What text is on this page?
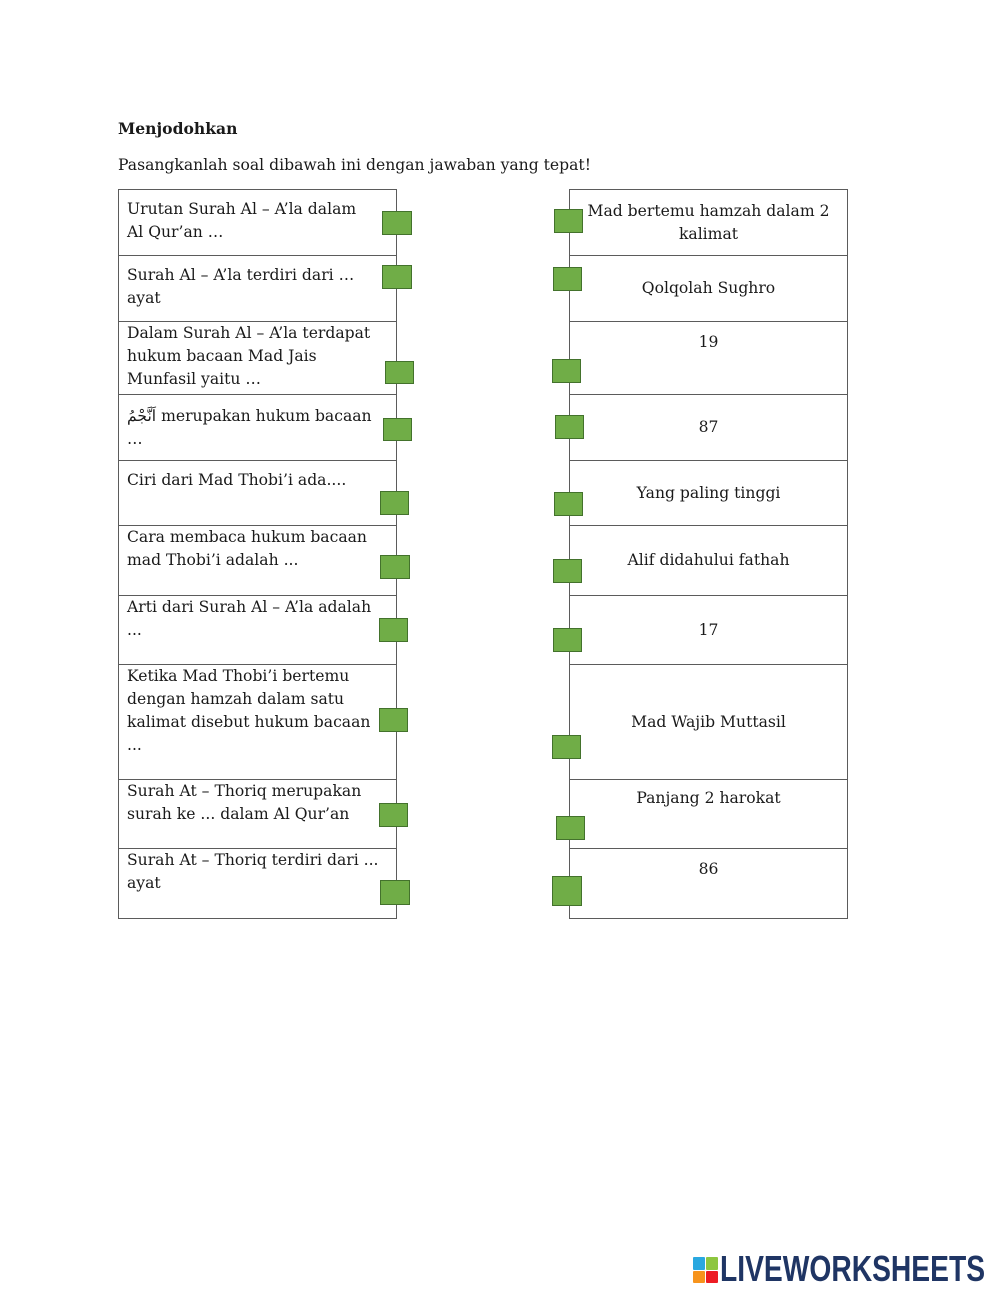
Menjodohkan
Pasangkanlah soal dibawah ini dengan jawaban yang tepat!
Urutan Surah Al – A’la dalam
Al Qur’an …
Surah Al – A’la terdiri dari …
ayat
Dalam Surah Al – A’la terdapat
hukum bacaan Mad Jais
Munfasil yaitu …
اَنَّجْمُ merupakan hukum bacaan
…
Ciri dari Mad Thobi’i ada....
Cara membaca hukum bacaan
mad Thobi’i adalah ...
Arti dari Surah Al – A’la adalah
...
Ketika Mad Thobi’i bertemu
dengan hamzah dalam satu
kalimat disebut hukum bacaan
...
Surah At – Thoriq merupakan
surah ke ... dalam Al Qur’an
Surah At – Thoriq terdiri dari ...
ayat
Mad bertemu hamzah dalam 2
kalimat
Qolqolah Sughro
19
87
Yang paling tinggi
Alif didahului fathah
17
Mad Wajib Muttasil
Panjang 2 harokat
86
LIVEWORKSHEETS
